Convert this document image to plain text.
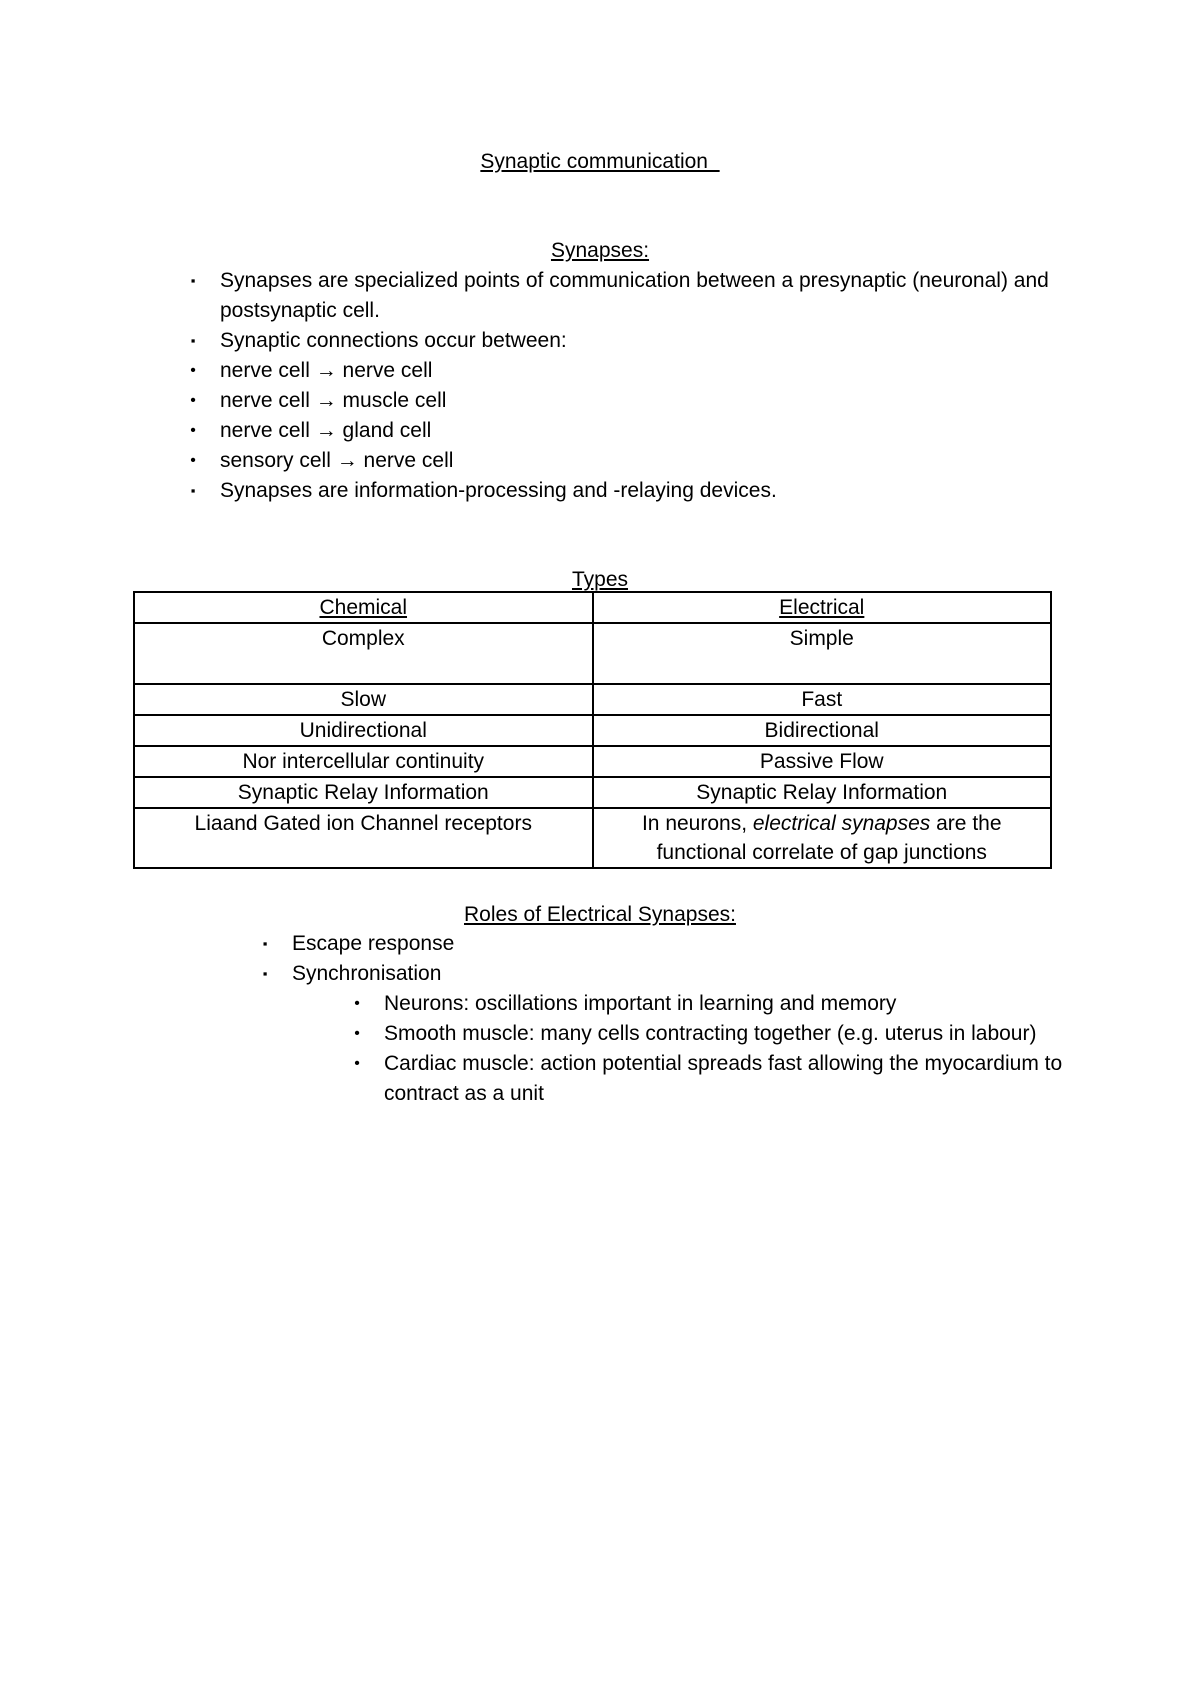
Synaptic communication
Synapses:
▪	Synapses are specialized points of communication between a presynaptic (neuronal) and postsynaptic cell.
▪	Synaptic connections occur between:
•	nerve cell → nerve cell
•	nerve cell → muscle cell
•	nerve cell → gland cell
•	sensory cell → nerve cell
▪	Synapses are information-processing and -relaying devices.
Types
Chemical	Electrical
Complex	Simple
Slow	Fast
Unidirectional	Bidirectional
Nor intercellular continuity	Passive Flow
Synaptic Relay Information	Synaptic Relay Information
Liaand Gated ion Channel receptors	In neurons, electrical synapses are the functional correlate of gap junctions
Roles of Electrical Synapses:
▪	Escape response
▪	Synchronisation
•	Neurons: oscillations important in learning and memory
•	Smooth muscle: many cells contracting together (e.g. uterus in labour)
•	Cardiac muscle: action potential spreads fast allowing the myocardium to contract as a unit
